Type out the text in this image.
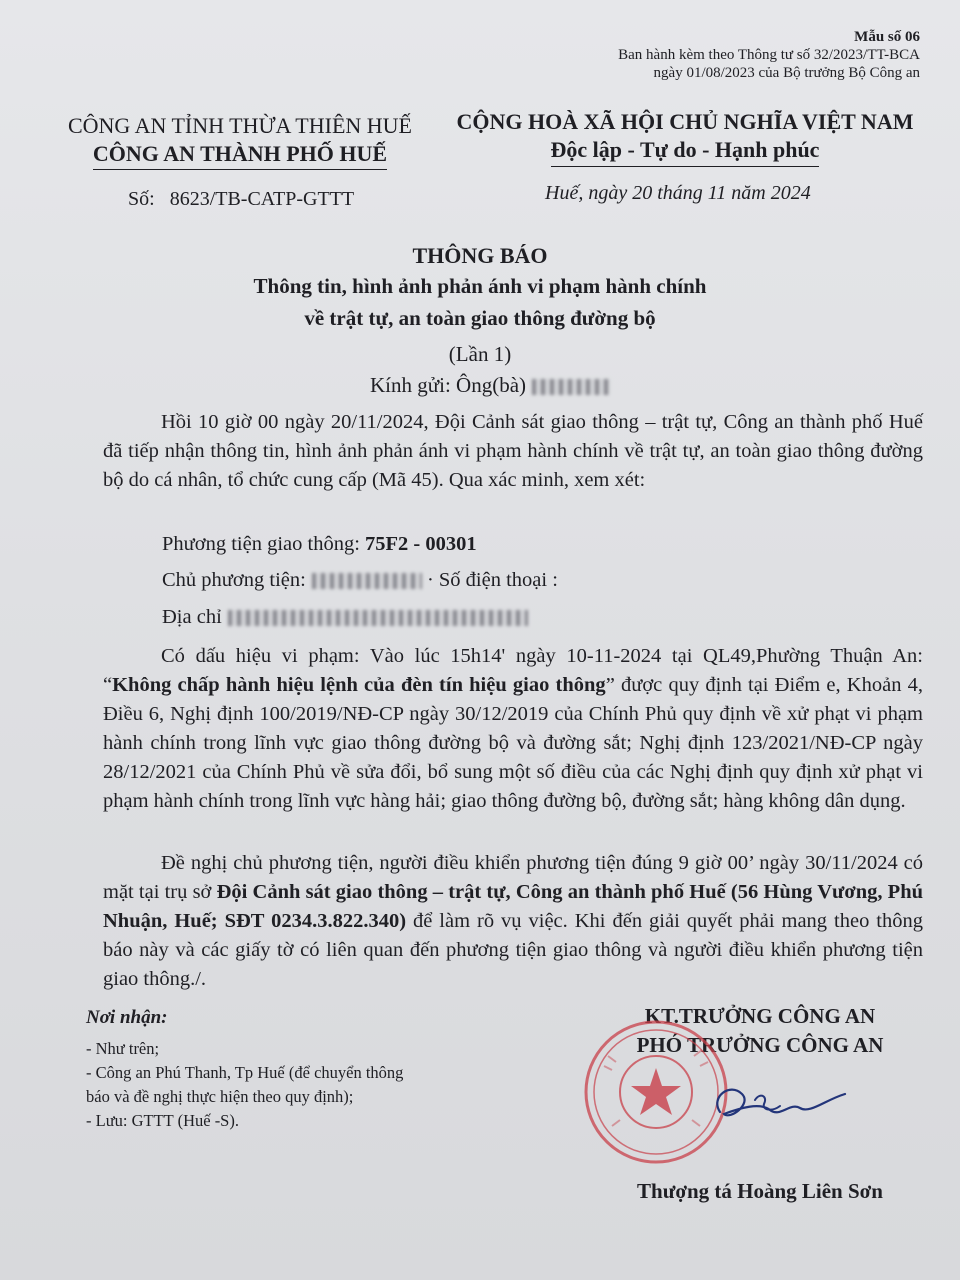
Mẫu số 06
Ban hành kèm theo Thông tư số 32/2023/TT-BCA
ngày 01/08/2023 của Bộ trưởng Bộ Công an
CÔNG AN TỈNH THỪA THIÊN HUẾ
CÔNG AN THÀNH PHỐ HUẾ
CỘNG HOÀ XÃ HỘI CHỦ NGHĨA VIỆT NAM
Độc lập - Tự do - Hạnh phúc
Số: 8623/TB-CATP-GTTT	Huế, ngày 20 tháng 11 năm 2024
THÔNG BÁO
Thông tin, hình ảnh phản ánh vi phạm hành chính
về trật tự, an toàn giao thông đường bộ
(Lần 1)
Kính gửi: Ông(bà)
Hồi 10 giờ 00 ngày 20/11/2024, Đội Cảnh sát giao thông – trật tự, Công an thành phố Huế đã tiếp nhận thông tin, hình ảnh phản ánh vi phạm hành chính về trật tự, an toàn giao thông đường bộ do cá nhân, tổ chức cung cấp (Mã 45). Qua xác minh, xem xét:
Phương tiện giao thông: 75F2 - 00301
Chủ phương tiện:	· Số điện thoại :
Địa chỉ
Có dấu hiệu vi phạm: Vào lúc 15h14' ngày 10-11-2024 tại QL49,Phường Thuận An: “Không chấp hành hiệu lệnh của đèn tín hiệu giao thông” được quy định tại Điểm e, Khoản 4, Điều 6, Nghị định 100/2019/NĐ-CP ngày 30/12/2019 của Chính Phủ quy định về xử phạt vi phạm hành chính trong lĩnh vực giao thông đường bộ và đường sắt; Nghị định 123/2021/NĐ-CP ngày 28/12/2021 của Chính Phủ về sửa đổi, bổ sung một số điều của các Nghị định quy định xử phạt vi phạm hành chính trong lĩnh vực hàng hải; giao thông đường bộ, đường sắt; hàng không dân dụng.
Đề nghị chủ phương tiện, người điều khiển phương tiện đúng 9 giờ 00’ ngày 30/11/2024 có mặt tại trụ sở Đội Cảnh sát giao thông – trật tự, Công an thành phố Huế (56 Hùng Vương, Phú Nhuận, Huế; SĐT 0234.3.822.340) để làm rõ vụ việc. Khi đến giải quyết phải mang theo thông báo này và các giấy tờ có liên quan đến phương tiện giao thông và người điều khiển phương tiện giao thông./.
Nơi nhận:
- Như trên;
- Công an Phú Thanh, Tp Huế (để chuyển thông
báo và đề nghị thực hiện theo quy định);
- Lưu: GTTT (Huế -S).
KT.TRƯỞNG CÔNG AN
PHÓ TRƯỞNG CÔNG AN
Thượng tá Hoàng Liên Sơn
